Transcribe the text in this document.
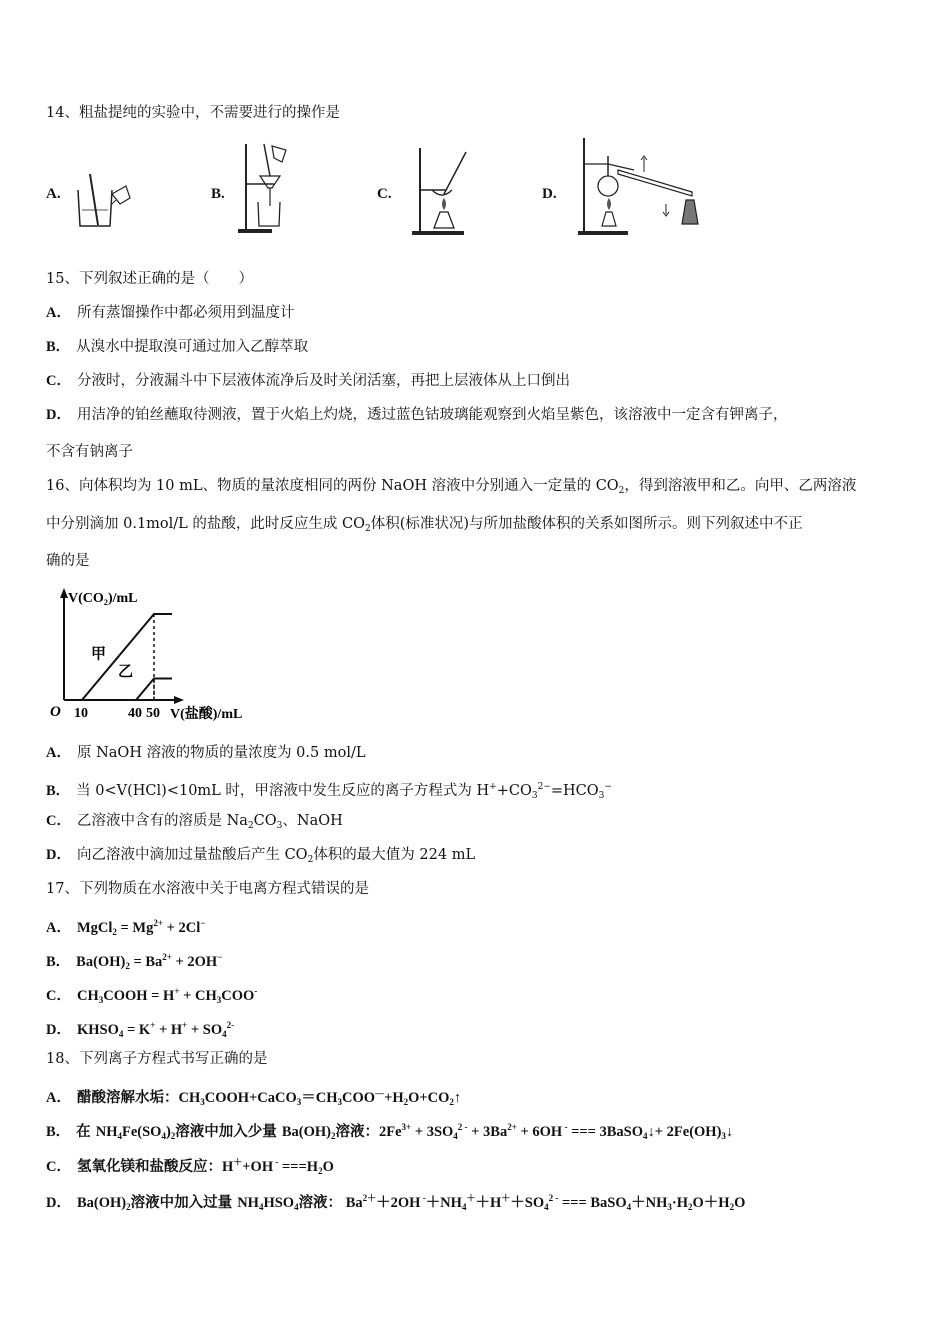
14、粗盐提纯的实验中，不需要进行的操作是
A.	B.	C.	D.
15、下列叙述正确的是（　　）
A． 所有蒸馏操作中都必须用到温度计
B． 从溴水中提取溴可通过加入乙醇萃取
C． 分液时，分液漏斗中下层液体流净后及时关闭活塞，再把上层液体从上口倒出
D． 用洁净的铂丝蘸取待测液，置于火焰上灼烧，透过蓝色钴玻璃能观察到火焰呈紫色，该溶液中一定含有钾离子，
不含有钠离子
16、向体积均为 10 mL、物质的量浓度相同的两份 NaOH 溶液中分别通入一定量的 $CO_2$，得到溶液甲和乙。向甲、乙两溶液
中分别滴加 0.1mol/L 的盐酸，此时反应生成 $CO_2$体积(标准状况)与所加盐酸体积的关系如图所示。则下列叙述中不正
确的是
甲
乙
10	40 50
V(CO₂)/mL
V(盐酸)/mL
O
A． 原 NaOH 溶液的物质的量浓度为 0.5 mol/L
B． 当 0<V(HCl)<10mL 时，甲溶液中发生反应的离子方程式为 $H^++CO_3^{2-}=HCO_3^-$
C． 乙溶液中含有的溶质是 $Na_2CO_3$、NaOH
D． 向乙溶液中滴加过量盐酸后产生 $CO_2$体积的最大值为 224 mL
17、下列物质在水溶液中关于电离方程式错误的是
A． MgCl$_2$ = $Mg^{2+} + 2Cl^-$
B． $Ba(OH)_2 = Ba^{2+} + 2OH^-$
C． $CH_3COOH = H^+ + CH_3COO^-$
D． $KHSO_4 = K^+ + H^+ + SO_4^{2-}$
18、下列离子方程式书写正确的是
A． 醋酸溶解水垢：$CH_3COOH+CaCO_3=CH_3COO^—+H_2O+CO_2↑$
B． 在 $NH_4Fe(SO_4)_2$溶液中加入少量 $Ba(OH)_2$溶液：$2Fe^{3+} + 3SO_4^{2 -} + 3Ba^{2+} + 6OH$ - === 3BaSO$_4$↓+ $2Fe(OH)_3↓$
C． 氢氧化镁和盐酸反应：H＋+OH $^- ===H_2O$
D． $Ba(OH)_2$溶液中加入过量 $NH_4HSO_4$溶液： $Ba^{2+}+2OH$ $^-+NH_4^++H^++SO_4^{2 -}$ === $BaSO_4+NH_3\cdot H_2O+H_2O$
